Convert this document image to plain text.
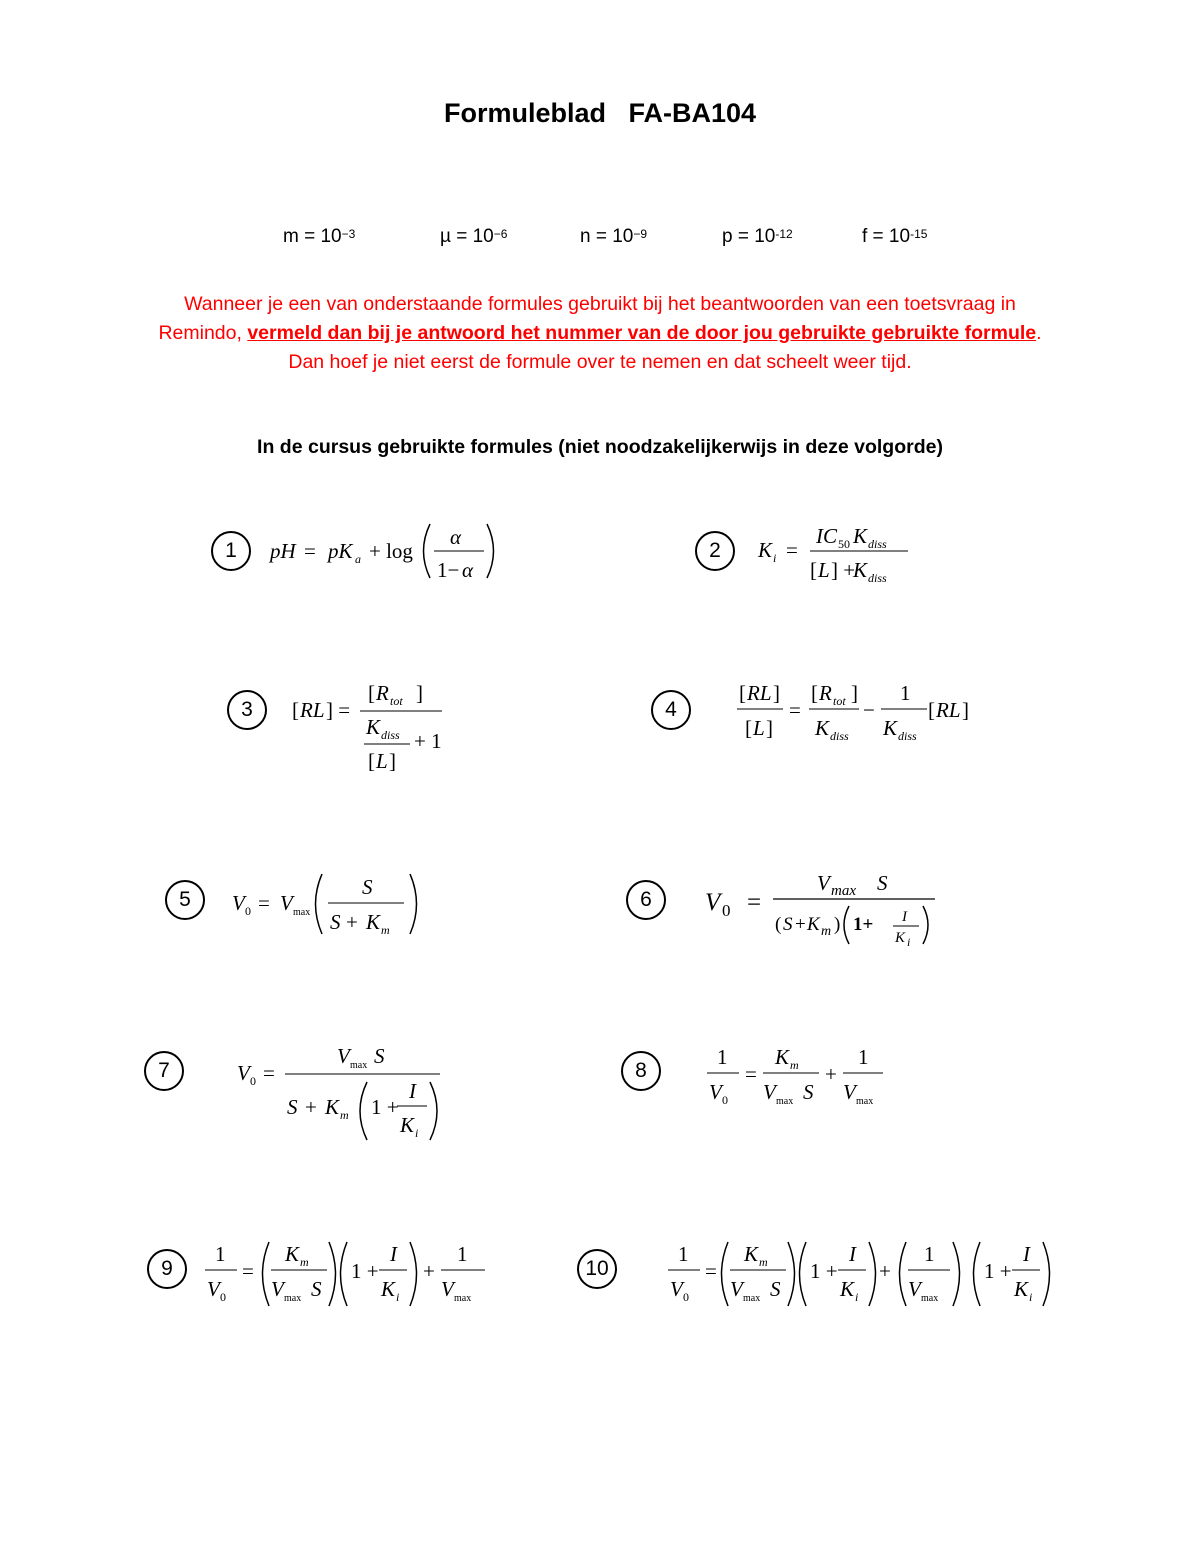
Formuleblad   FA-BA104
$m = 10^{-3}$	$\mu = 10^{-6}$	$n = 10^{-9}$	$p = 10^{-12}$	$f = 10^{-15}$
Wanneer je een van onderstaande formules gebruikt bij het beantwoorden van een toetsvraag in
Remindo, vermeld dan bij je antwoord het nummer van de door jou gebruikte gebruikte formule.
Dan hoef je niet eerst de formule over te nemen en dat scheelt weer tijd.
In de cursus gebruikte formules (niet noodzakelijkerwijs in deze volgorde)
1	2
3	4
5	6
7	8
9	10
pH = pK a + log
α
1− α
K i =
IC 50 K diss
[ L ] +
K diss
[ RL ] =
[ R tot ]
K diss
[ L ]
+ 1
[ RL ]
[ L ]
=
[ R tot ]
K diss
−
1
K diss
[ RL ]
V 0 = V max
S
S + K m
V 0 =
V max S
( S + K m ) 1+ I
K i
V 0 =
V max S
S + K m 1 +
I
K i
1
V 0
=
K m
V max S
+
1
V max
1
V 0
=
K m
V max S
1 +
I
K i
+
1
V max
1
V 0
=
K m
V max S
1 +
I
K i
+
1
V max
1 +
I
K i
